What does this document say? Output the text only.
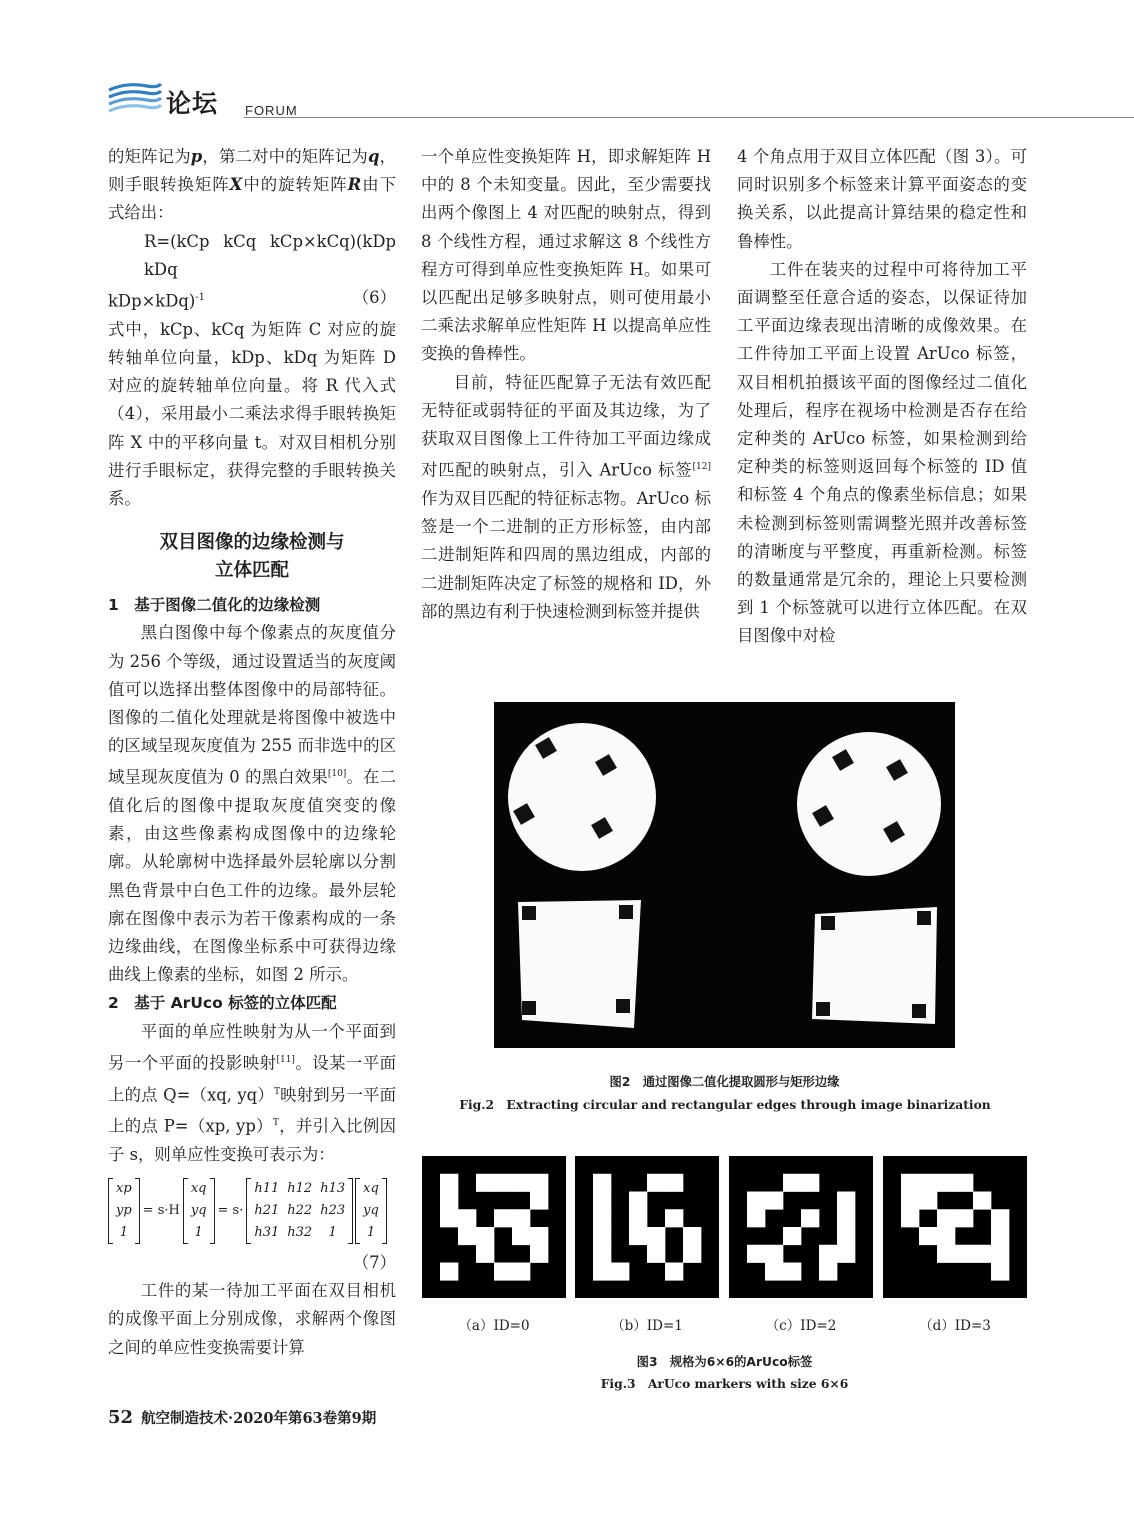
论坛 FORUM

的矩阵记为p，第二对中的矩阵记为q，则手眼转换矩阵X中的旋转矩阵R由下式给出：

R=(kCp kCq kCp×kCq)(kDp kDq

kDp×kDq)$^{-1}$	（6）

式中，kCp、kCq 为矩阵 C 对应的旋转轴单位向量，kDp、kDq 为矩阵 D 对应的旋转轴单位向量。将 R 代入式（4），采用最小二乘法求得手眼转换矩阵 X 中的平移向量 t。对双目相机分别进行手眼标定，获得完整的手眼转换关系。

双目图像的边缘检测与
立体匹配

1　基于图像二值化的边缘检测

黑白图像中每个像素点的灰度值分为 256 个等级，通过设置适当的灰度阈值可以选择出整体图像中的局部特征。图像的二值化处理就是将图像中被选中的区域呈现灰度值为 255 而非选中的区域呈现灰度值为 0 的黑白效果[10]。在二值化后的图像中提取灰度值突变的像素，由这些像素构成图像中的边缘轮廓。从轮廓树中选择最外层轮廓以分割黑色背景中白色工件的边缘。最外层轮廓在图像中表示为若干像素构成的一条边缘曲线，在图像坐标系中可获得边缘曲线上像素的坐标，如图 2 所示。

2　基于 ArUco 标签的立体匹配

平面的单应性映射为从一个平面到另一个平面的投影映射[11]。设某一平面上的点 Q=（xq, yq）$^T$映射到另一平面上的点 P=（xp, yp）$^T$，并引入比例因子 s，则单应性变换可表示为：

xp
yp
1
= s·H
xq
yq
1
= s·
h11	h12	h13
h21	h22	h23
h31	h32	1
xq
yq
1

（7）

工件的某一待加工平面在双目相机的成像平面上分别成像，求解两个像图之间的单应性变换需要计算

一个单应性变换矩阵 H，即求解矩阵 H 中的 8 个未知变量。因此，至少需要找出两个像图上 4 对匹配的映射点，得到 8 个线性方程，通过求解这 8 个线性方程方可得到单应性变换矩阵 H。如果可以匹配出足够多映射点，则可使用最小二乘法求解单应性矩阵 H 以提高单应性变换的鲁棒性。

目前，特征匹配算子无法有效匹配无特征或弱特征的平面及其边缘，为了获取双目图像上工件待加工平面边缘成对匹配的映射点，引入 ArUco 标签[12]作为双目匹配的特征标志物。ArUco 标签是一个二进制的正方形标签，由内部二进制矩阵和四周的黑边组成，内部的二进制矩阵决定了标签的规格和 ID，外部的黑边有利于快速检测到标签并提供

4 个角点用于双目立体匹配（图 3）。可同时识别多个标签来计算平面姿态的变换关系，以此提高计算结果的稳定性和鲁棒性。

工件在装夹的过程中可将待加工平面调整至任意合适的姿态，以保证待加工平面边缘表现出清晰的成像效果。在工件待加工平面上设置 ArUco 标签，双目相机拍摄该平面的图像经过二值化处理后，程序在视场中检测是否存在给定种类的 ArUco 标签，如果检测到给定种类的标签则返回每个标签的 ID 值和标签 4 个角点的像素坐标信息；如果未检测到标签则需调整光照并改善标签的清晰度与平整度，再重新检测。标签的数量通常是冗余的，理论上只要检测到 1 个标签就可以进行立体匹配。在双目图像中对检

图2　通过图像二值化提取圆形与矩形边缘
Fig.2　Extracting circular and rectangular edges through image binarization
（a）ID=0	（b）ID=1	（c）ID=2	（d）ID=3
图3　规格为6×6的ArUco标签
Fig.3　ArUco markers with size 6×6
52 航空制造技术·2020年第63卷第9期
